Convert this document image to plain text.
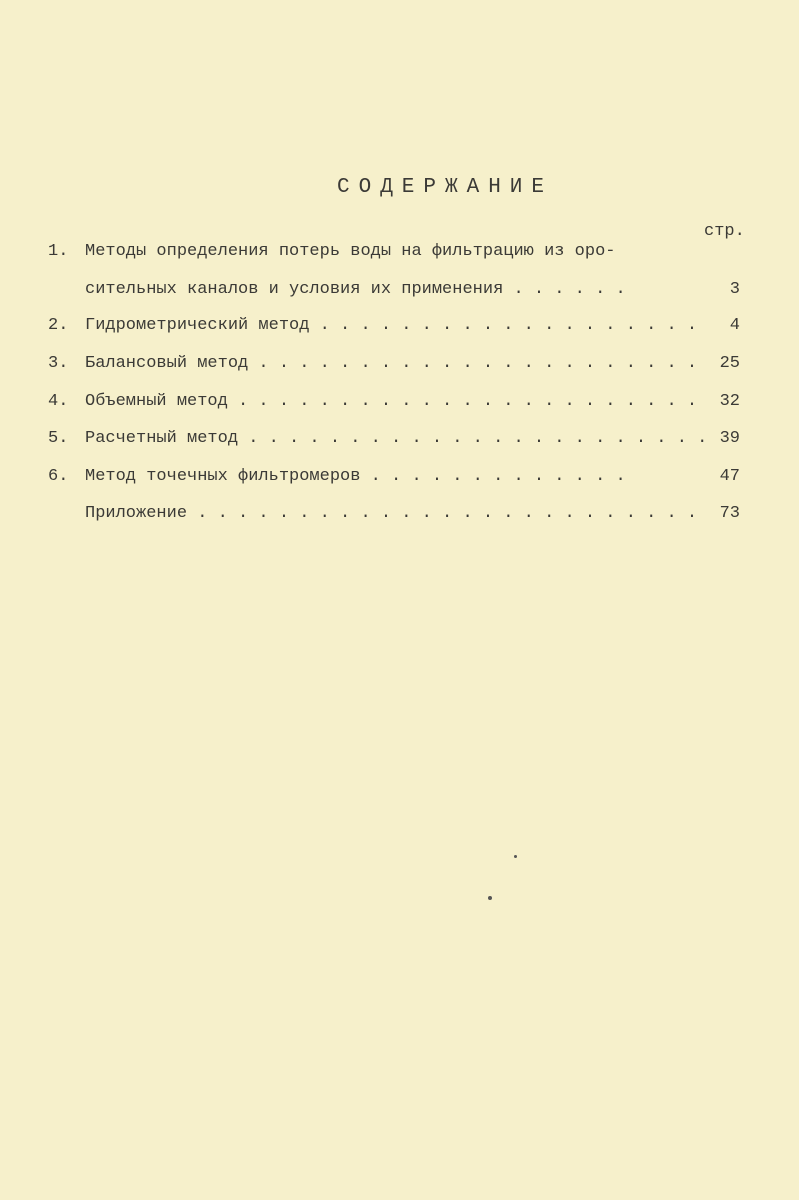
СОДЕРЖАНИЕ
стр.
1. Методы определения потерь воды на фильтрацию из оро-
сительных каналов и условия их применения . . . . . .	3
2. Гидрометрический метод . . . . . . . . . . . . . . . . . . . 4
3. Балансовый метод . . . . . . . . . . . . . . . . . . . . . . 25
4. Объемный метод . . . . . . . . . . . . . . . . . . . . . . . 32
5. Расчетный метод . . . . . . . . . . . . . . . . . . . . . . . 39
6. Метод точечных фильтромеров . . . . . . . . . . . . .	47
Приложение . . . . . . . . . . . . . . . . . . . . . . . . . 73
